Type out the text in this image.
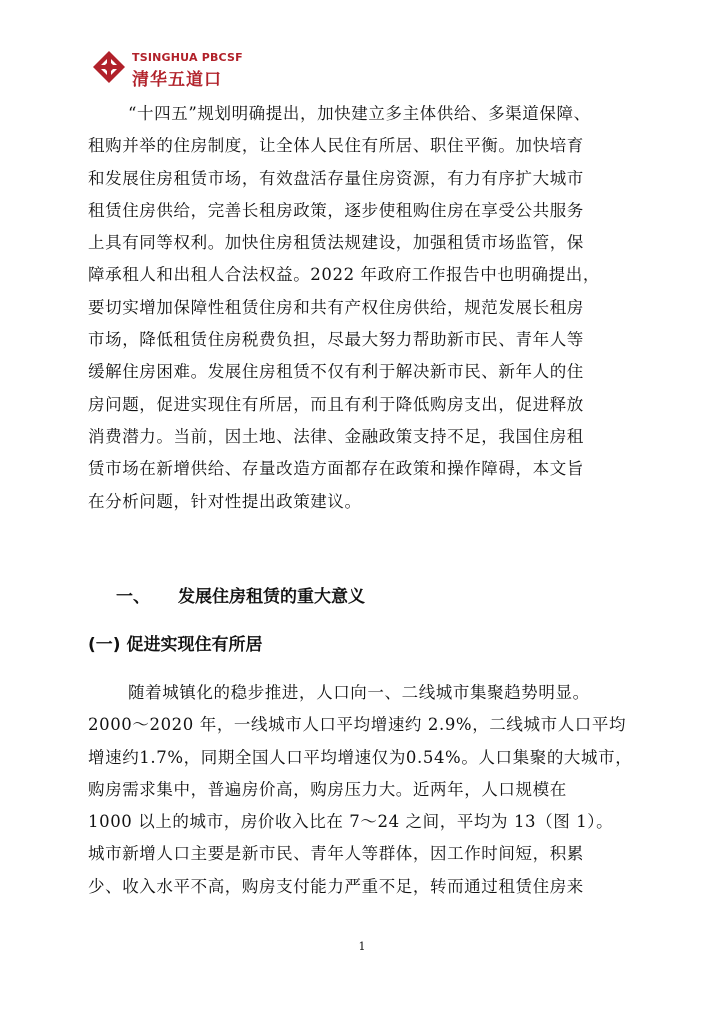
TSINGHUA PBCSF
清华五道口
“十四五”规划明确提出，加快建立多主体供给、多渠道保障、
租购并举的住房制度，让全体人民住有所居、职住平衡。加快培育
和发展住房租赁市场，有效盘活存量住房资源，有力有序扩大城市
租赁住房供给，完善长租房政策，逐步使租购住房在享受公共服务
上具有同等权利。加快住房租赁法规建设，加强租赁市场监管，保
障承租人和出租人合法权益。2022 年政府工作报告中也明确提出，
要切实增加保障性租赁住房和共有产权住房供给，规范发展长租房
市场，降低租赁住房税费负担，尽最大努力帮助新市民、青年人等
缓解住房困难。发展住房租赁不仅有利于解决新市民、新年人的住
房问题，促进实现住有所居，而且有利于降低购房支出，促进释放
消费潜力。当前，因土地、法律、金融政策支持不足，我国住房租
赁市场在新增供给、存量改造方面都存在政策和操作障碍，本文旨
在分析问题，针对性提出政策建议。
一、 发展住房租赁的重大意义
(一) 促进实现住有所居
随着城镇化的稳步推进，人口向一、二线城市集聚趋势明显。
2000～2020 年，一线城市人口平均增速约 2.9%，二线城市人口平均
增速约1.7%，同期全国人口平均增速仅为0.54%。人口集聚的大城市，
购房需求集中，普遍房价高，购房压力大。近两年，人口规模在
1000 以上的城市，房价收入比在 7～24 之间，平均为 13（图 1）。
城市新增人口主要是新市民、青年人等群体，因工作时间短，积累
少、收入水平不高，购房支付能力严重不足，转而通过租赁住房来
1
